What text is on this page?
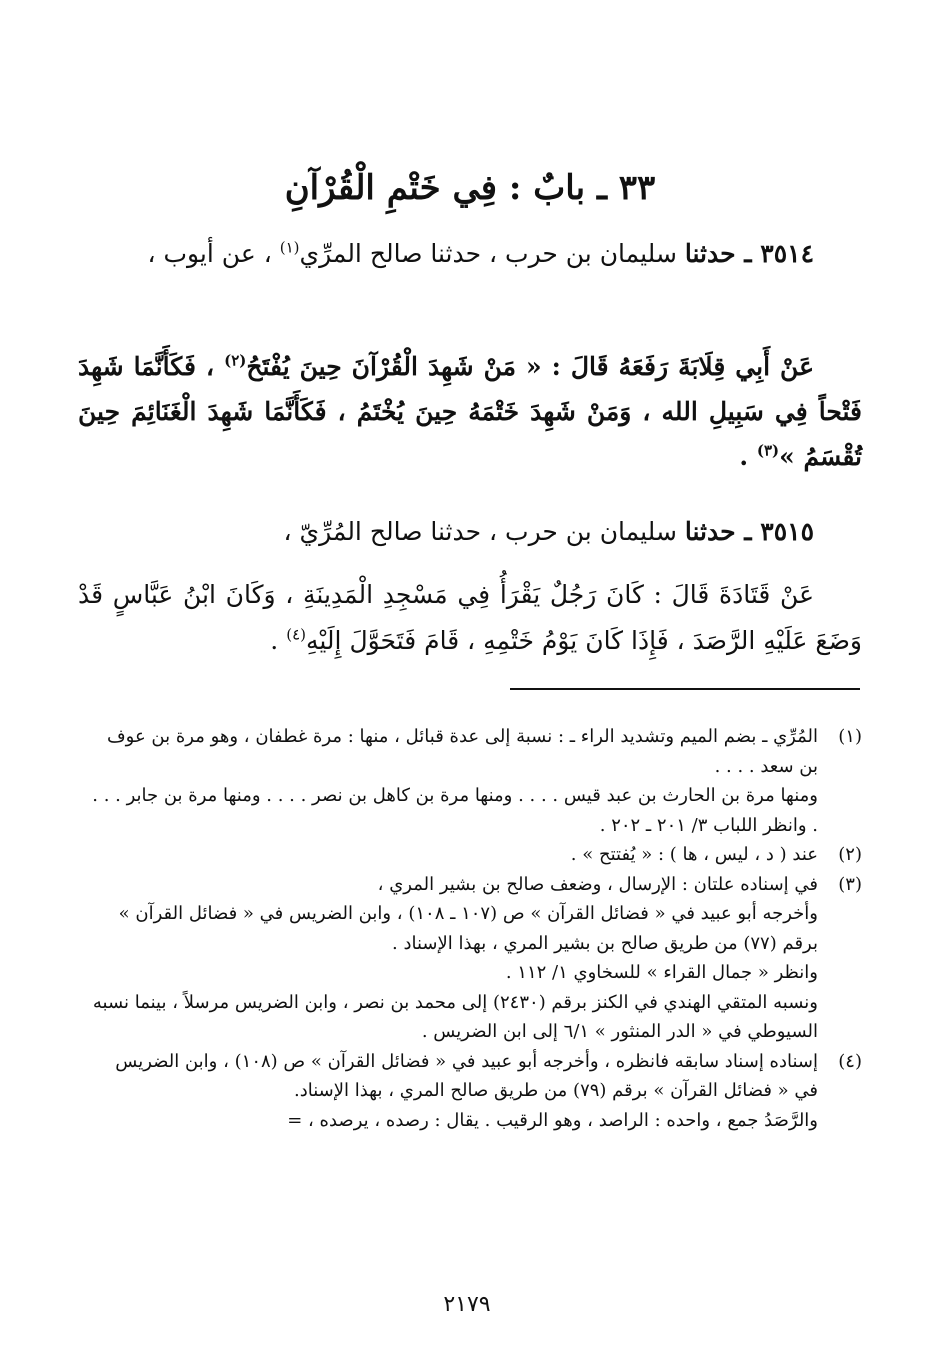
٣٣ ـ بابٌ : فِي خَتْمِ الْقُرْآنِ

٣٥١٤ ـ حدثنا سليمان بن حرب ، حدثنا صالح المرِّي$^{(١)}$ ، عن أيوب ،

عَنْ أَبِي قِلَابَةَ رَفَعَهُ قَالَ : « مَنْ شَهِدَ الْقُرْآنَ حِينَ يُفْتَحُ$^{(٢)}$ ، فَكَأَنَّمَا شَهِدَ فَتْحاً فِي سَبِيلِ الله ، وَمَنْ شَهِدَ خَتْمَهُ حِينَ يُخْتَمُ ، فَكَأَنَّمَا شَهِدَ الْغَنَائِمَ حِينَ تُقْسَمُ »$^{(٣)}$ .

٣٥١٥ ـ حدثنا سليمان بن حرب ، حدثنا صالح المُرِّيّ ،

عَنْ قَتَادَةَ قَالَ : كَانَ رَجُلٌ يَقْرَأُ فِي مَسْجِدِ الْمَدِينَةِ ، وَكَانَ ابْنُ عَبَّاسٍ قَدْ وَضَعَ عَلَيْهِ الرَّصَدَ ، فَإِذَا كَانَ يَوْمُ خَتْمِهِ ، قَامَ فَتَحَوَّلَ إِلَيْهِ$^{(٤)}$ .

(١)

المُرِّي ـ بضم الميم وتشديد الراء ـ : نسبة إلى عدة قبائل ، منها : مرة غطفان ، وهو مرة بن عوف بن سعد . . . .

ومنها مرة بن الحارث بن عبد قيس . . . . ومنها مرة بن كاهل بن نصر . . . . ومنها مرة بن جابر . . . . وانظر اللباب ٣/ ٢٠١ ـ ٢٠٢ .

(٢)

عند ( د ، ليس ، ها ) : « يُفتتح » .

(٣)

في إسناده علتان : الإرسال ، وضعف صالح بن بشير المري ،

وأخرجه أبو عبيد في « فضائل القرآن » ص (١٠٧ ـ ١٠٨) ، وابن الضريس في « فضائل القرآن » برقم (٧٧) من طريق صالح بن بشير المري ، بهذا الإسناد .

وانظر « جمال القراء » للسخاوي ١/ ١١٢ .

ونسبه المتقي الهندي في الكنز برقم (٢٤٣٠) إلى محمد بن نصر ، وابن الضريس مرسلاً ، بينما نسبه السيوطي في « الدر المنثور » ٦/١ إلى ابن الضريس .

(٤)

إسناده إسناد سابقه فانظره ، وأخرجه أبو عبيد في « فضائل القرآن » ص (١٠٨) ، وابن الضريس في « فضائل القرآن » برقم (٧٩) من طريق صالح المري ، بهذا الإسناد.

والرَّصَدُ جمع ، واحده : الراصد ، وهو الرقيب . يقال : رصده ، يرصده ، =

٢١٧٩
